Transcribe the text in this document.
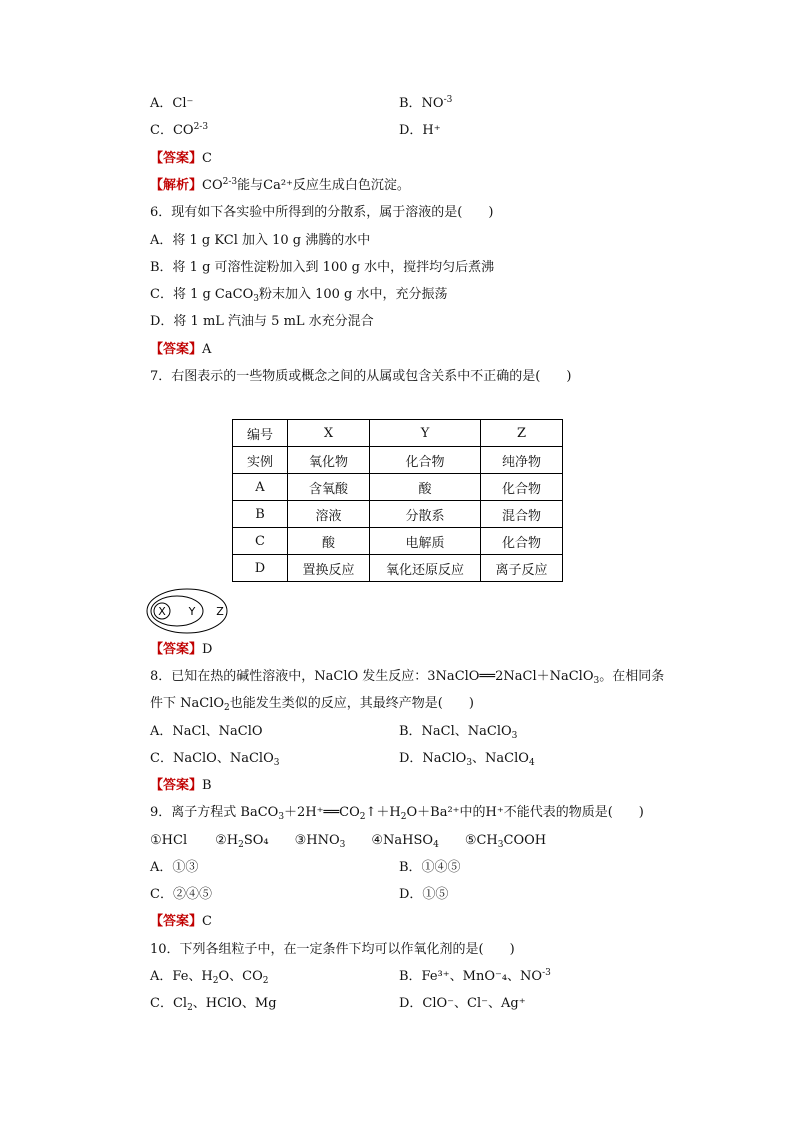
A．Cl⁻	B．$NO^{-3}$
C．CO$^{2-3}$	D．H⁺
【答案】C
【解析】CO$^{2-3}$能与Ca²⁺反应生成白色沉淀。
6．现有如下各实验中所得到的分散系，属于溶液的是(　　)
A．将 1 g KCl 加入 10 g 沸腾的水中
B．将 1 g 可溶性淀粉加入到 100 g 水中，搅拌均匀后煮沸
C．将 1 g CaCO$_3$粉末加入 100 g 水中，充分振荡
D．将 1 mL 汽油与 5 mL 水充分混合
【答案】A
7．右图表示的一些物质或概念之间的从属或包含关系中不正确的是(　　)
编号	X	Y	Z
实例	氧化物	化合物	纯净物
A	含氧酸	酸	化合物
B	溶液	分散系	混合物
C	酸	电解质	化合物
D	置换反应	氧化还原反应	离子反应
X Y Z
【答案】D
8．已知在热的碱性溶液中，NaClO 发生反应：3NaClO══2NaCl＋NaClO$_3$。在相同条
件下 NaClO$_2$也能发生类似的反应，其最终产物是(　　)
A．NaCl、NaClO	B．NaCl、NaClO$_3$
C．NaClO、NaClO$_3$	D．NaClO$_3$、NaClO$_4$
【答案】B
9．离子方程式 $BaCO_3+2H^+══CO_2↑+H_2O+Ba^{2+}$中的H⁺不能代表的物质是(　　)
①HCl $②H_2SO_4$ $③HNO_3$ ④NaHSO$_4$ $⑤CH_3COOH$
A．①③	B．①④⑤
C．②④⑤	D．①⑤
【答案】C
10．下列各组粒子中，在一定条件下均可以作氧化剂的是(　　)
A．Fe、$H_2O$、$CO_2$	B．Fe³⁺、MnO⁻₄、$NO^{-3}$
C．$Cl_2$、HClO、Mg	D．ClO⁻、Cl⁻、Ag⁺
